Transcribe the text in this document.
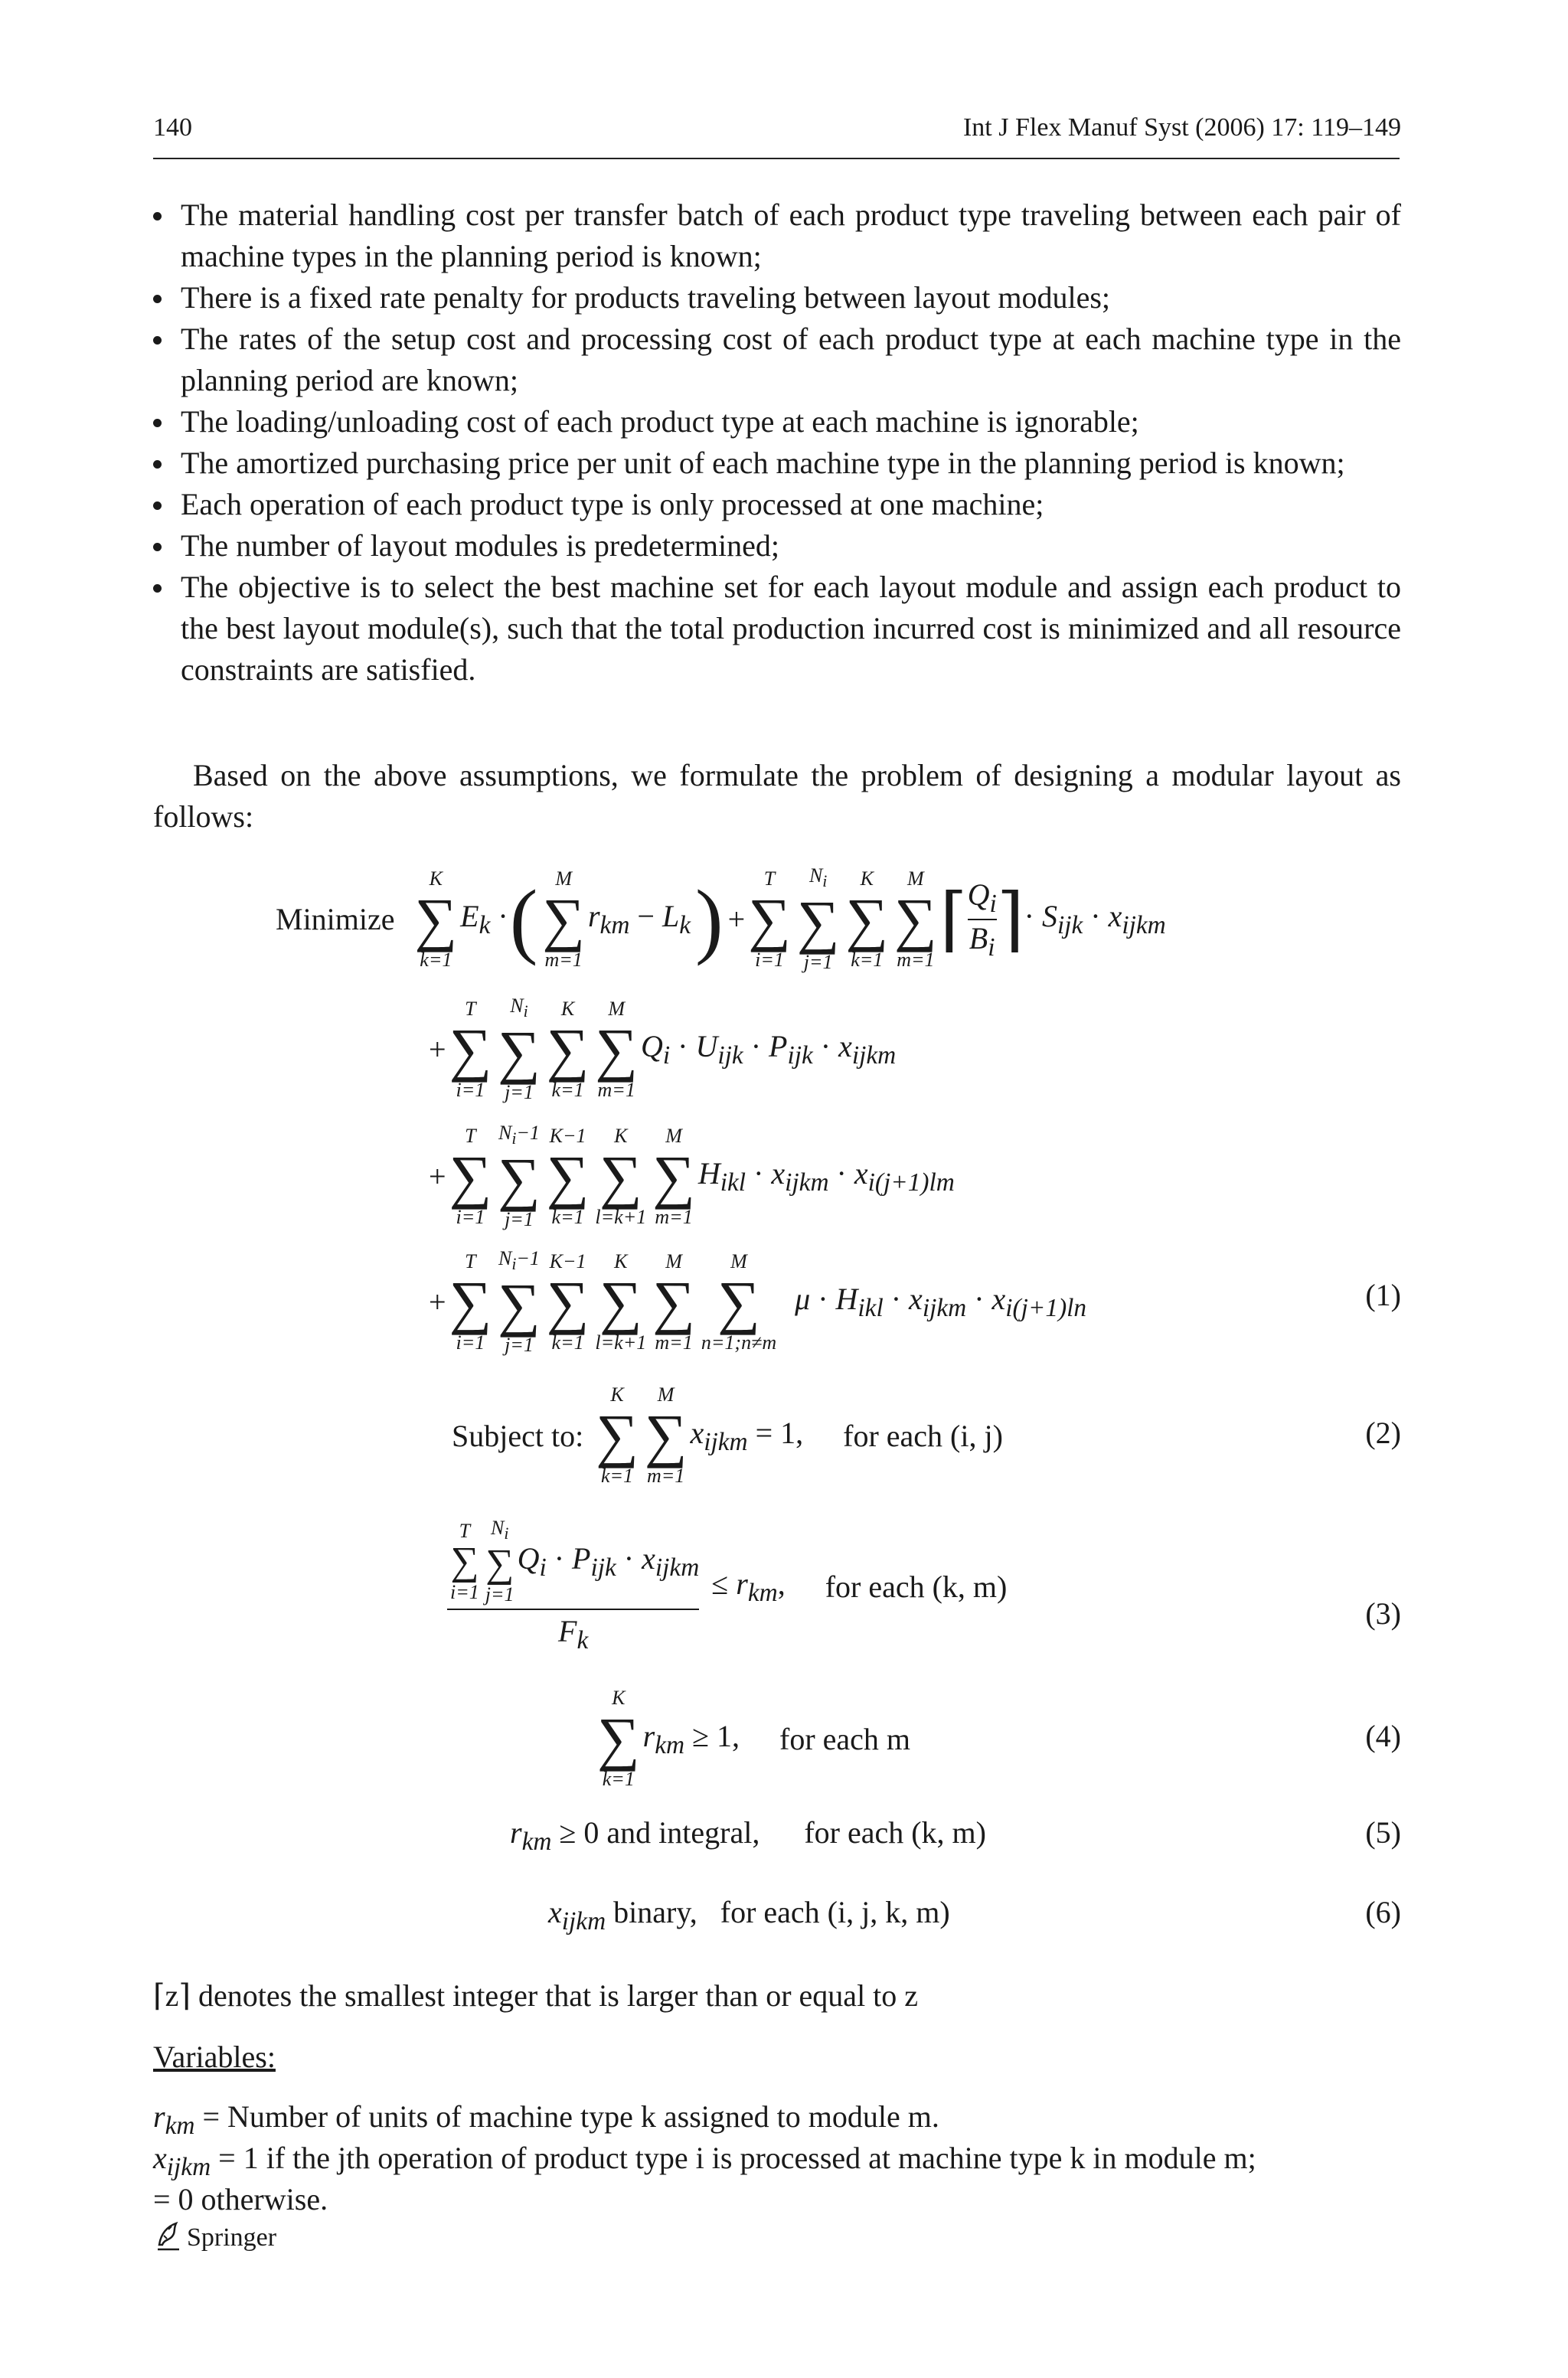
140	Int J Flex Manuf Syst (2006) 17: 119–149
The material handling cost per transfer batch of each product type traveling between each pair of machine types in the planning period is known;
There is a fixed rate penalty for products traveling between layout modules;
The rates of the setup cost and processing cost of each product type at each machine type in the planning period are known;
The loading/unloading cost of each product type at each machine is ignorable;
The amortized purchasing price per unit of each machine type in the planning period is known;
Each operation of each product type is only processed at one machine;
The number of layout modules is predetermined;
The objective is to select the best machine set for each layout module and assign each product to the best layout module(s), such that the total production incurred cost is minimized and all resource constraints are satisfied.
Based on the above assumptions, we formulate the problem of designing a modular layout as follows:
Minimize
K
∑
k=1
$E_k$ · ( M
∑
m=1
$r_{km} - L_k$ ) +
T
∑
i=1
$N_i$
∑
j=1
K
∑
k=1
M
∑
m=1
⌈ $\frac{Q_i}{B_i}$ ⌉ · $S_{ijk} \cdot x_{ijkm}$
+
T
∑
i=1
$N_i$
∑
j=1
K
∑
k=1
M
∑
m=1
$Q_i \cdot U_{ijk} \cdot P_{ijk} \cdot x_{ijkm}$
+
T
∑
i=1
$N_i-1$
∑
j=1
K−1
∑
k=1
K
∑
l=k+1
M
∑
m=1
$H_{ikl} \cdot x_{ijkm} \cdot x_{i(j+1)lm}$
+
T
∑
i=1
$N_i-1$
∑
j=1
K−1
∑
k=1
K
∑
l=k+1
M
∑
m=1
M
∑
n=1;n≠m
$\mu \cdot H_{ikl} \cdot x_{ijkm} \cdot x_{i(j+1)ln}$	(1)
Subject to:
K
∑
k=1
M
∑
m=1
$x_{ijkm} = 1$, for each (i, j)	(2)
T
∑
i=1
$N_i$
∑
j=1
$Q_i \cdot P_{ijk} \cdot x_{ijkm}$
$F_k \le r_{km}$, for each (k, m)
(3)
K
∑
k=1
$r_{km} \ge 1$, for each m	(4)
$r_{km} \ge 0$ and integral, for each (k, m)	(5)
$x_{ijkm}$ binary, for each (i, j, k, m)	(6)
⌈z⌉ denotes the smallest integer that is larger than or equal to z
Variables:
$r_{km}$ = Number of units of machine type k assigned to module m.
$x_{ijkm} = 1$ if the jth operation of product type i is processed at machine type k in module m;
= 0 otherwise.
Springer
